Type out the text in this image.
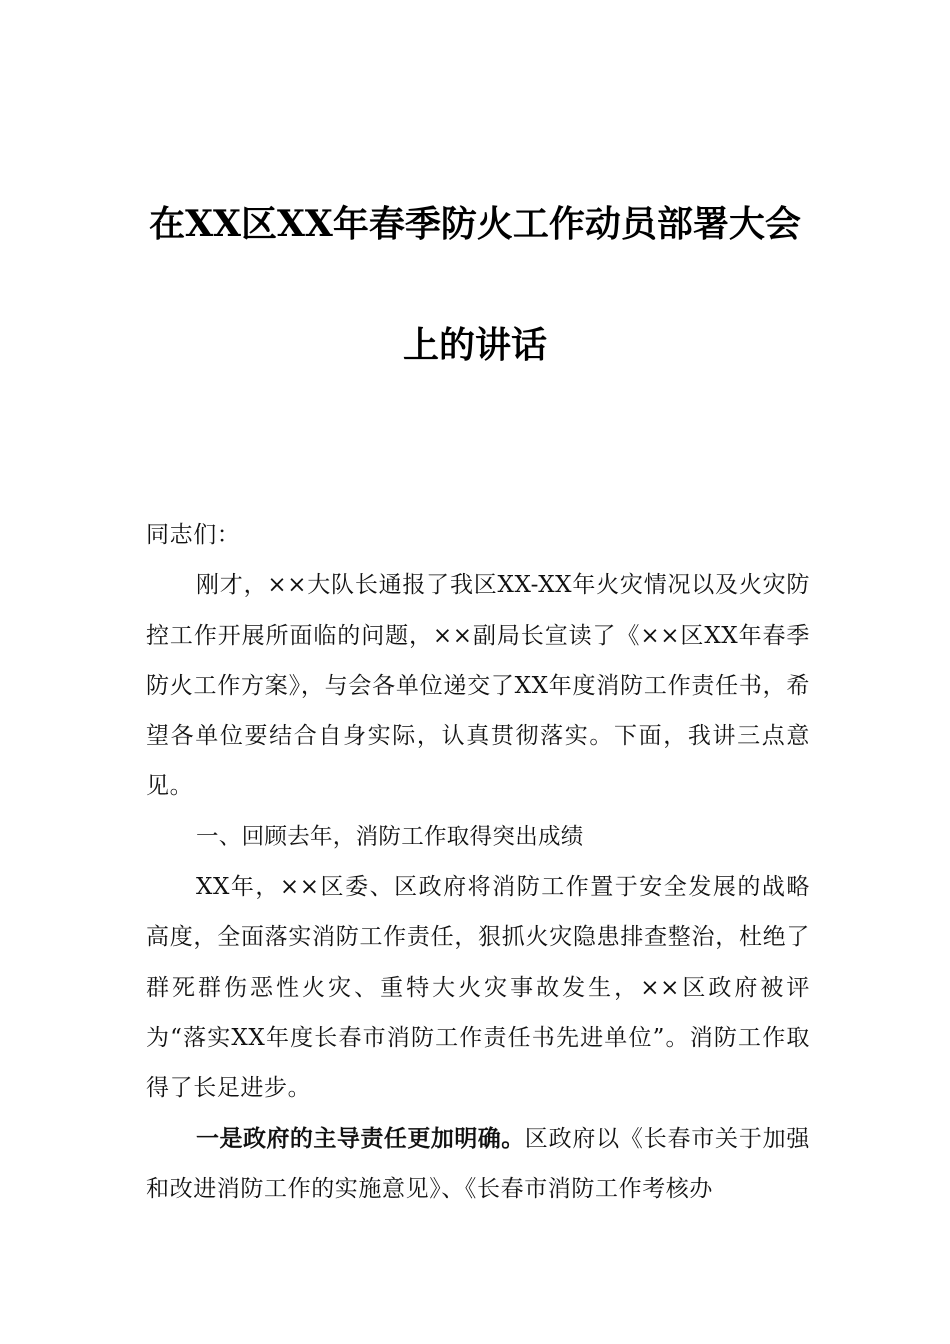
在XX区XX年春季防火工作动员部署大会
上的讲话

同志们：

刚才，××大队长通报了我区XX-XX年火灾情况以及火灾防控工作开展所面临的问题，××副局长宣读了《××区XX年春季防火工作方案》，与会各单位递交了XX年度消防工作责任书，希望各单位要结合自身实际，认真贯彻落实。下面，我讲三点意见。

一、回顾去年，消防工作取得突出成绩

XX年，××区委、区政府将消防工作置于安全发展的战略高度，全面落实消防工作责任，狠抓火灾隐患排查整治，杜绝了群死群伤恶性火灾、重特大火灾事故发生，××区政府被评为“落实XX年度长春市消防工作责任书先进单位”。消防工作取得了长足进步。

一是政府的主导责任更加明确。区政府以《长春市关于加强和改进消防工作的实施意见》、《长春市消防工作考核办
